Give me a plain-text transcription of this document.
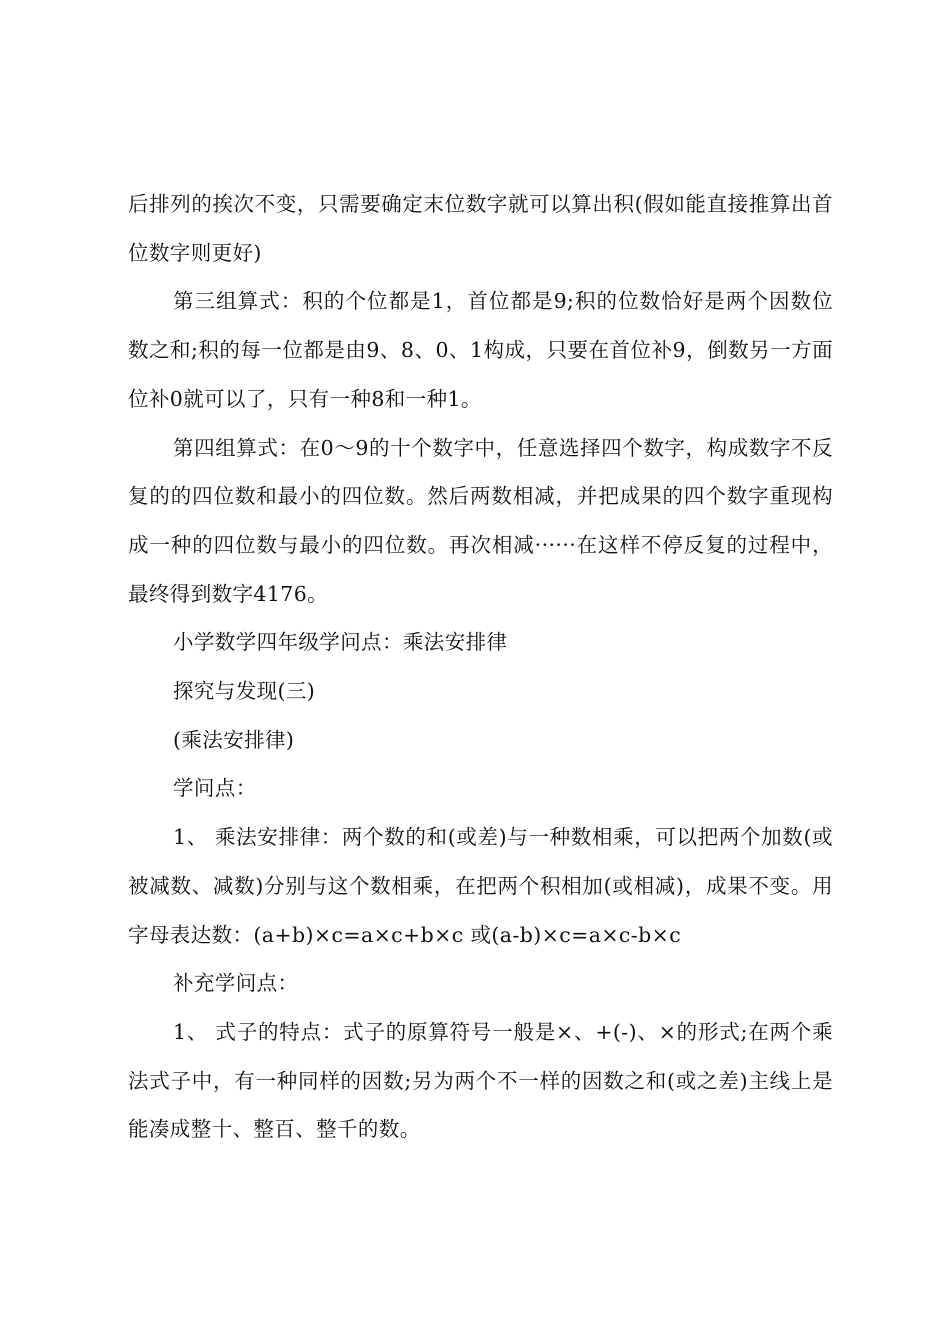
后排列的挨次不变，只需要确定末位数字就可以算出积(假如能直接推算出首位数字则更好)

第三组算式：积的个位都是1，首位都是9;积的位数恰好是两个因数位数之和;积的每一位都是由9、8、0、1构成，只要在首位补9，倒数另一方面位补0就可以了，只有一种8和一种1。

第四组算式：在0～9的十个数字中，任意选择四个数字，构成数字不反复的的四位数和最小的四位数。然后两数相减，并把成果的四个数字重现构成一种的四位数与最小的四位数。再次相减······在这样不停反复的过程中，最终得到数字4176。

小学数学四年级学问点：乘法安排律

探究与发现(三)

(乘法安排律)

学问点：

1、 乘法安排律：两个数的和(或差)与一种数相乘，可以把两个加数(或被减数、减数)分别与这个数相乘，在把两个积相加(或相减)，成果不变。用字母表达数：(a+b)×c=a×c+b×c 或(a-b)×c=a×c-b×c

补充学问点：

1、 式子的特点：式子的原算符号一般是×、+(-)、×的形式;在两个乘法式子中，有一种同样的因数;另为两个不一样的因数之和(或之差)主线上是能凑成整十、整百、整千的数。
